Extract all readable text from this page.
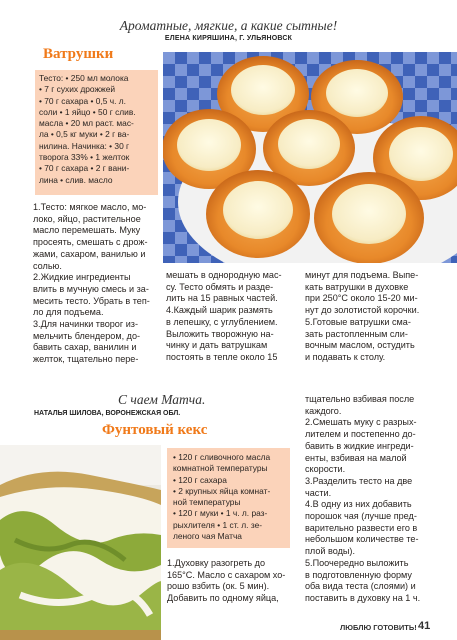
Ароматные, мягкие, а какие сытные!
ЕЛЕНА КИРЯШИНА, Г. УЛЬЯНОВСК
Ватрушки

Тесто: • 250 мл молока

• 7 г сухих дрожжей

• 70 г сахара • 0,5 ч. л.

соли • 1 яйцо • 50 г слив.

масла • 20 мл раст. мас-

ла • 0,5 кг муки • 2 г ва-

нилина. Начинка: • 30 г

творога 33% • 1 желток

• 70 г сахара • 2 г вани-

лина • слив. масло

1.Тесто: мягкое масло, мо-

локо, яйцо, растительное

масло перемешать. Муку

просеять, смешать с дрож-

жами, сахаром, ванилью и

солью.

2.Жидкие ингредиенты

влить в мучную смесь и за-

месить тесто. Убрать в теп-

ло для подъема.

3.Для начинки творог из-

мельчить блендером, до-

бавить сахар, ванилин и

желток, тщательно пере-

мешать в однородную мас-

су. Тесто обмять и разде-

лить на 15 равных частей.

4.Каждый шарик размять

в лепешку, с углублением.

Выложить творожную на-

чинку и дать ватрушкам

постоять в тепле около 15

минут для подъема. Выпе-

кать ватрушки в духовке

при 250°С около 15-20 ми-

нут до золотистой корочки.

5.Готовые ватрушки сма-

зать растопленным сли-

вочным маслом, остудить

и подавать к столу.

С чаем Матча.
НАТАЛЬЯ ШИЛОВА, ВОРОНЕЖСКАЯ ОБЛ.
Фунтовый кекс

• 120 г сливочного масла

комнатной температуры

• 120 г сахара

• 2 крупных яйца комнат-

ной температуры

• 120 г муки • 1 ч. л. раз-

рыхлителя • 1 ст. л. зе-

леного чая Матча

1.Духовку разогреть до

165°С. Масло с сахаром хо-

рошо взбить (ок. 5 мин).

Добавить по одному яйца,

тщательно взбивая после

каждого.

2.Смешать муку с разрых-

лителем и постепенно до-

бавить в жидкие ингреди-

енты, взбивая на малой

скорости.

3.Разделить тесто на две

части.

4.В одну из них добавить

порошок чая (лучше пред-

варительно развести его в

небольшом количестве те-

плой воды).

5.Поочередно выложить

в подготовленную форму

оба вида теста (слоями) и

поставить в духовку на 1 ч.

ЛЮБЛЮ ГОТОВИТЬ! 41
